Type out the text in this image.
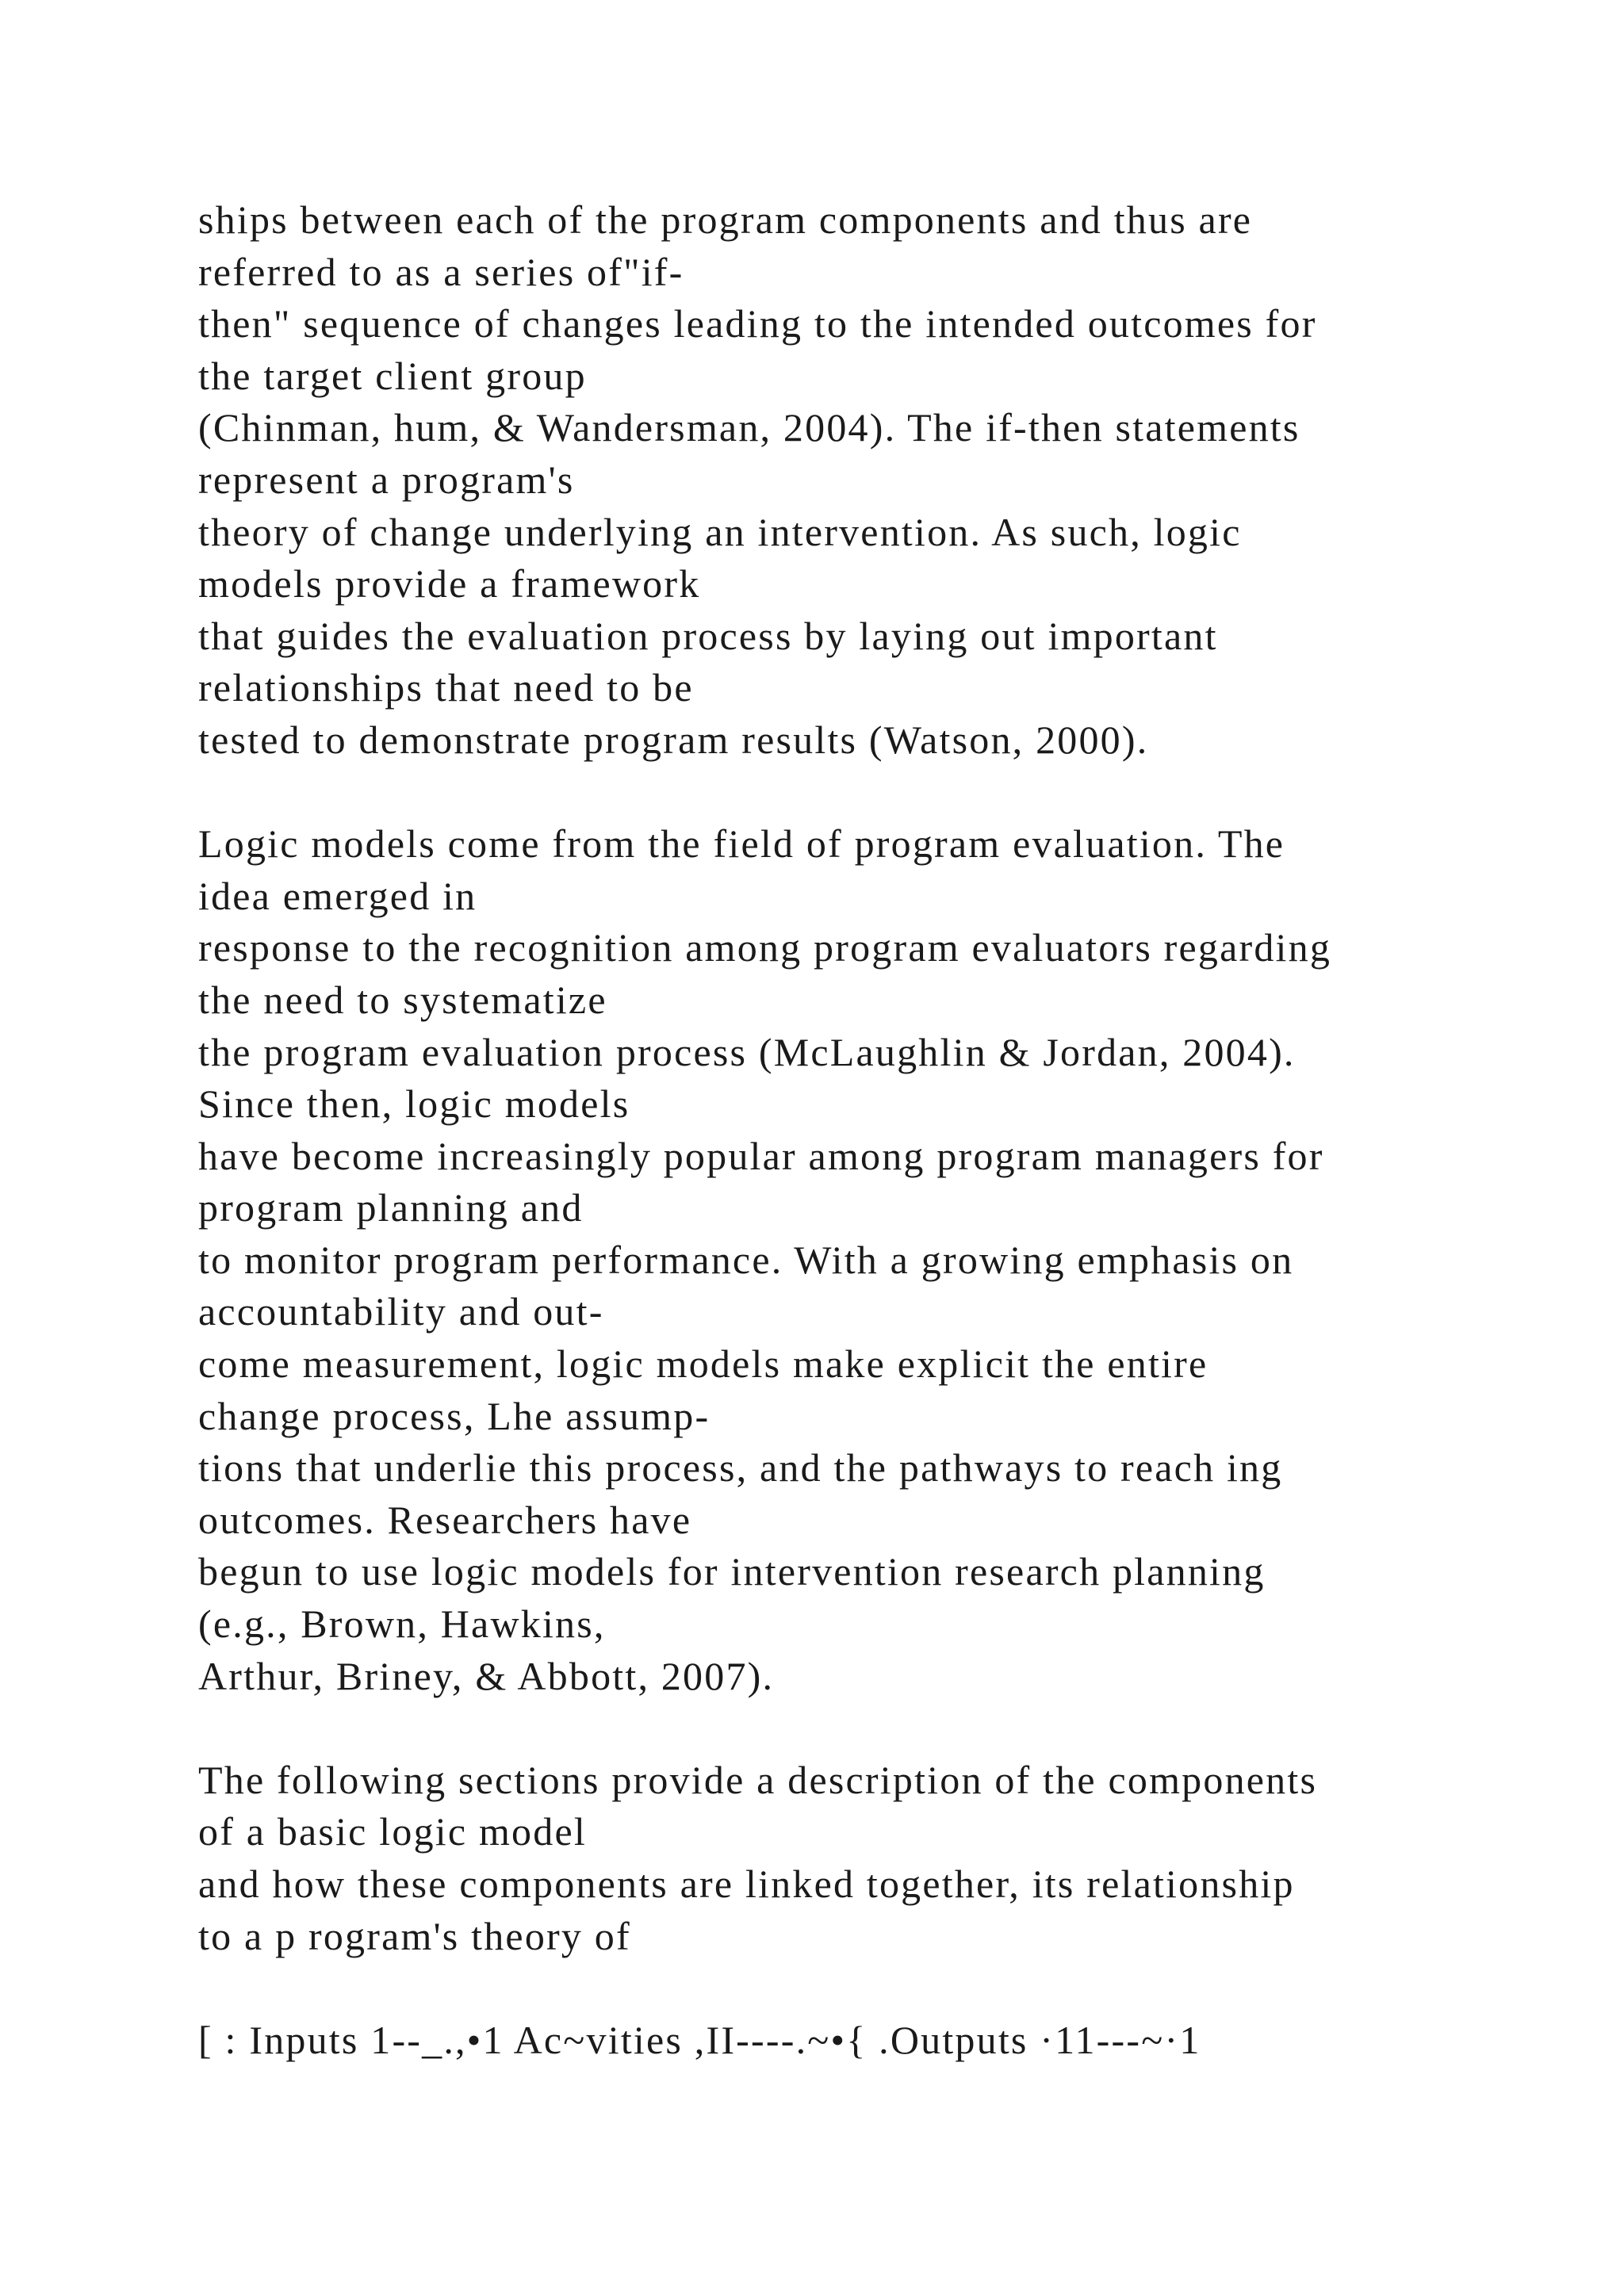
ships between each of the program components and thus are
referred to as a series of"if-
then" sequence of changes leading to the intended outcomes for
the target client group
(Chinman, hum, & Wandersman, 2004). The if-then statements
represent a program's
theory of change underlying an intervention. As such, logic
models provide a framework
that guides the evaluation process by laying out important
relationships that need to be
tested to demonstrate program results (Watson, 2000).
Logic models come from the field of program evaluation. The
idea emerged in
response to the recognition among program evaluators regarding
the need to systematize
the program evaluation process (McLaughlin & Jordan, 2004).
Since then, logic models
have become increasingly popular among program managers for
program planning and
to monitor program performance. With a growing emphasis on
accountability and out-
come measurement, logic models make explicit the entire
change process, Lhe assump-
tions that underlie this process, and the pathways to reach ing
outcomes. Researchers have
begun to use logic models for intervention research planning
(e.g., Brown, Hawkins,
Arthur, Briney, & Abbott, 2007).
The following sections provide a description of the components
of a basic logic model
and how these components are linked together, its relationship
to a p rogram's theory of
[ : Inputs 1--_.,•1 Ac~vities ,II----.~•{ .Outputs ·11---~·1
